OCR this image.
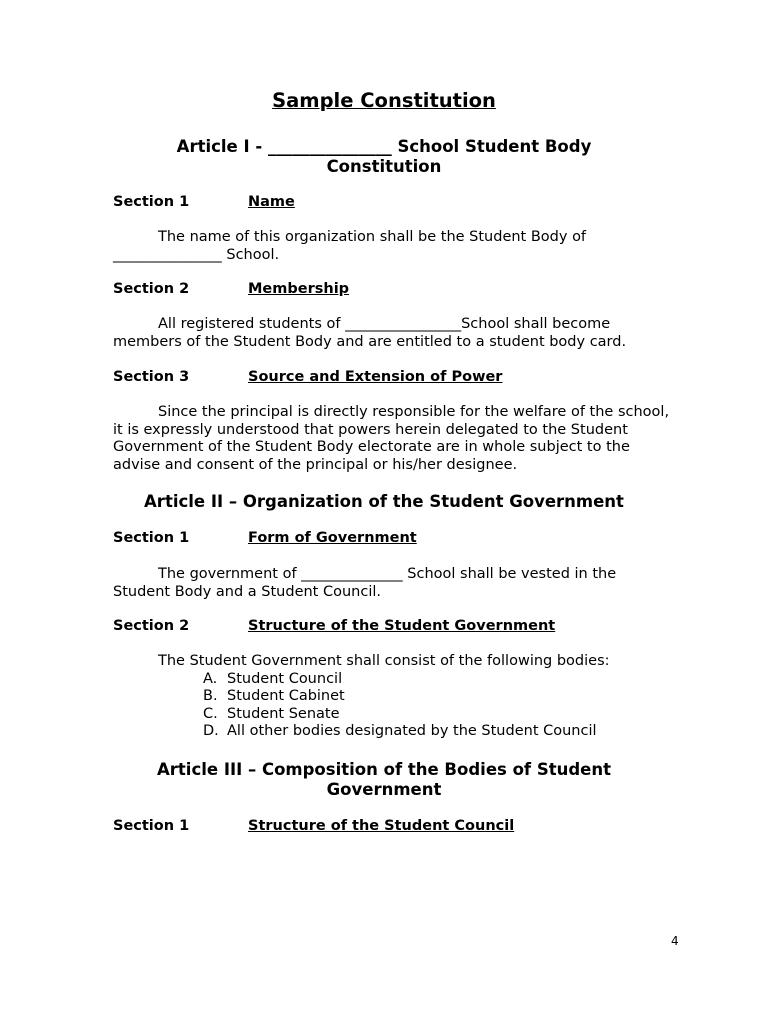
Sample Constitution
Article I - _______________ School Student Body
Constitution
Section 1	Name
The name of this organization shall be the Student Body of _______________ School.
Section 2	Membership
All registered students of ________________School shall become members of the Student Body and are entitled to a student body card.
Section 3	Source and Extension of Power
Since the principal is directly responsible for the welfare of the school, it is expressly understood that powers herein delegated to the Student Government of the Student Body electorate are in whole subject to the advise and consent of the principal or his/her designee.
Article II – Organization of the Student Government
Section 1	Form of Government
The government of ______________ School shall be vested in the Student Body and a Student Council.
Section 2	Structure of the Student Government
The Student Government shall consist of the following bodies:
A. Student Council
B. Student Cabinet
C. Student Senate
D. All other bodies designated by the Student Council
Article III – Composition of the Bodies of Student
Government
Section 1	Structure of the Student Council
4
